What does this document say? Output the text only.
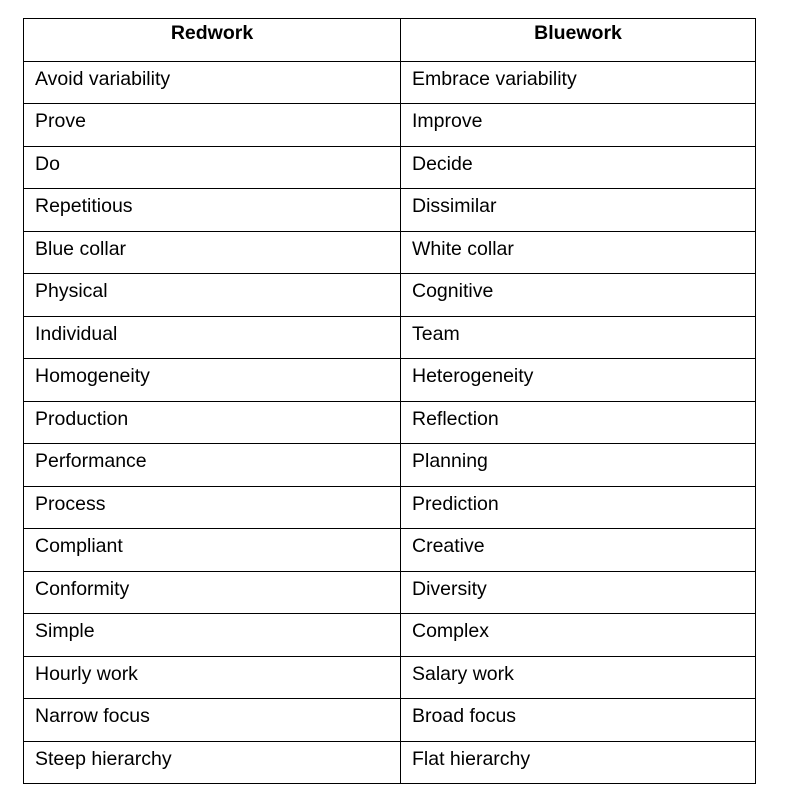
Redwork	Bluework
Avoid variability	Embrace variability
Prove	Improve
Do	Decide
Repetitious	Dissimilar
Blue collar	White collar
Physical	Cognitive
Individual	Team
Homogeneity	Heterogeneity
Production	Reflection
Performance	Planning
Process	Prediction
Compliant	Creative
Conformity	Diversity
Simple	Complex
Hourly work	Salary work
Narrow focus	Broad focus
Steep hierarchy	Flat hierarchy
